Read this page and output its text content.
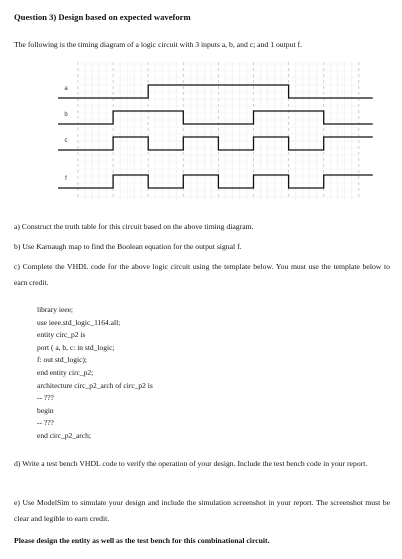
Question 3) Design based on expected waveform
The following is the timing diagram of a logic circuit with 3 inputs a, b, and c; and 1 output f.
a
b
c
f
a) Construct the truth table for this circuit based on the above timing diagram.
b) Use Karnaugh map to find the Boolean equation for the output signal f.
c) Complete the VHDL code for the above logic circuit using the template below. You must use the template below to earn credit.
library ieee;
use ieee.std_logic_1164.all;
entity circ_p2 is
port ( a, b, c: in std_logic;
f: out std_logic);
end entity circ_p2;
architecture circ_p2_arch of circ_p2 is
-- ???
begin
-- ???
end circ_p2_arch;
d) Write a test bench VHDL code to verify the operation of your design. Include the test bench code in your report.
e) Use ModelSim to simulate your design and include the simulation screenshot in your report. The screenshot must be clear and legible to earn credit.
Please design the entity as well as the test bench for this combinational circuit.
